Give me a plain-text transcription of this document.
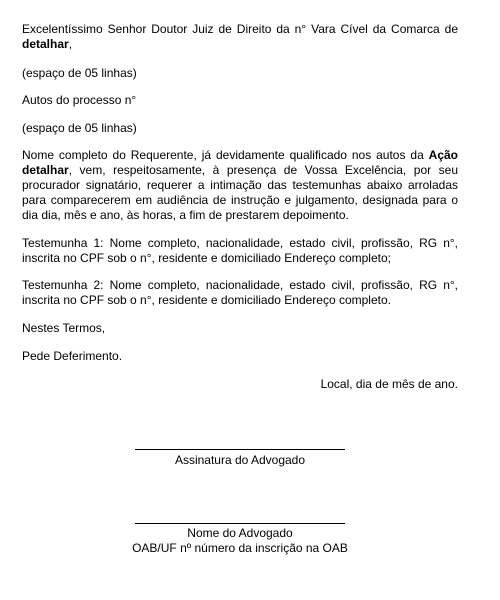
Excelentíssimo Senhor Doutor Juiz de Direito da n° Vara Cível da Comarca de detalhar,

(espaço de 05 linhas)

Autos do processo n°

(espaço de 05 linhas)

Nome completo do Requerente, já devidamente qualificado nos autos da Ação detalhar, vem, respeitosamente, à presença de Vossa Excelência, por seu procurador signatário, requerer a intimação das testemunhas abaixo arroladas para comparecerem em audiência de instrução e julgamento, designada para o dia dia, mês e ano, às horas, a fim de prestarem depoimento.

Testemunha 1: Nome completo, nacionalidade, estado civil, profissão, RG n°, inscrita no CPF sob o n°, residente e domiciliado Endereço completo;

Testemunha 2: Nome completo, nacionalidade, estado civil, profissão, RG n°, inscrita no CPF sob o n°, residente e domiciliado Endereço completo.

Nestes Termos,

Pede Deferimento.

Local, dia de mês de ano.

Assinatura do Advogado

Nome do Advogado

OAB/UF nº número da inscrição na OAB
